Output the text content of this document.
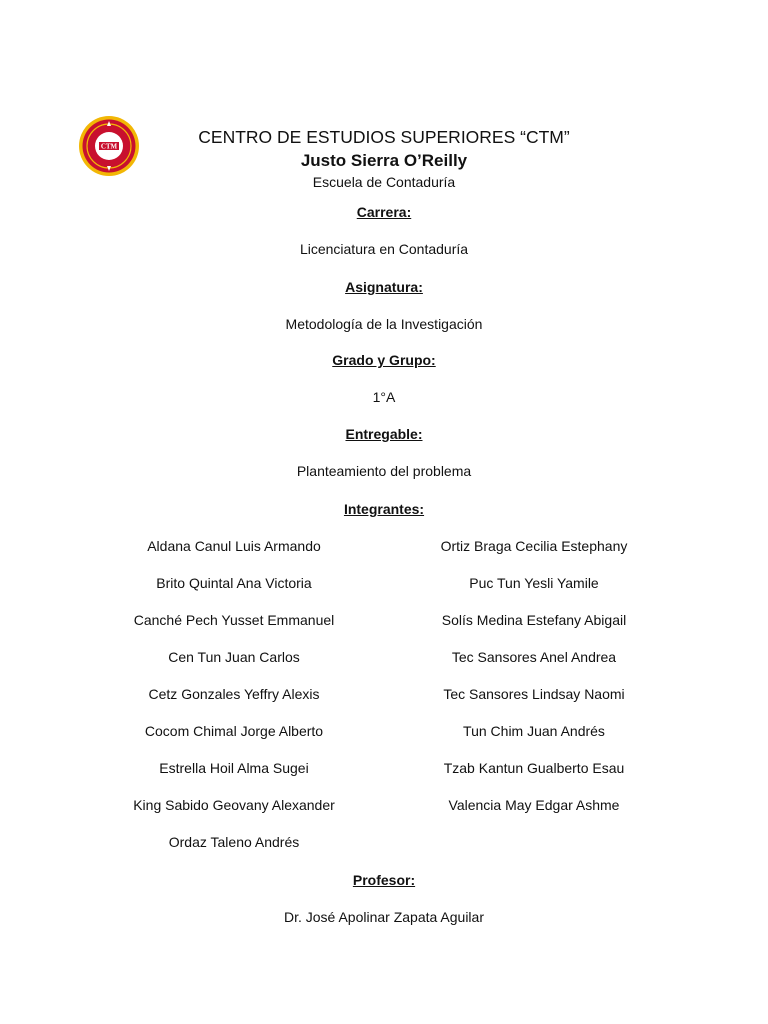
CTM	CENTRO DE ESTUDIOS SUPERIORES “CTM”
Justo Sierra O’Reilly
Escuela de Contaduría
Carrera:
Licenciatura en Contaduría
Asignatura:
Metodología de la Investigación
Grado y Grupo:
1°A
Entregable:
Planteamiento del problema
Integrantes:
Aldana Canul Luis Armando
Brito Quintal Ana Victoria
Canché Pech Yusset Emmanuel
Cen Tun Juan Carlos
Cetz Gonzales Yeffry Alexis
Cocom Chimal Jorge Alberto
Estrella Hoil Alma Sugei
King Sabido Geovany Alexander
Ordaz Taleno Andrés
Ortiz Braga Cecilia Estephany
Puc Tun Yesli Yamile
Solís Medina Estefany Abigail
Tec Sansores Anel Andrea
Tec Sansores Lindsay Naomi
Tun Chim Juan Andrés
Tzab Kantun Gualberto Esau
Valencia May Edgar Ashme
Profesor:
Dr. José Apolinar Zapata Aguilar
